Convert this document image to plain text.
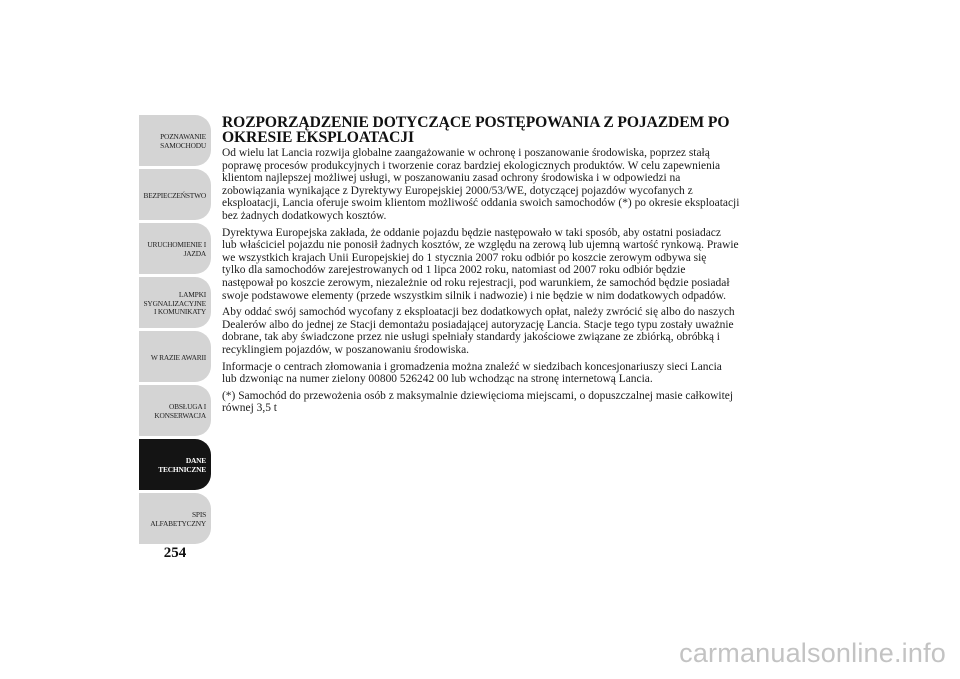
POZNAWANIE
SAMOCHODU
BEZPIECZEŃSTWO
URUCHOMIENIE I
JAZDA
LAMPKI
SYGNALIZACYJNE
I KOMUNIKATY
W RAZIE AWARII
OBSŁUGA I
KONSERWACJA
DANE
TECHNICZNE
SPIS
ALFABETYCZNY
254
ROZPORZĄDZENIE DOTYCZĄCE POSTĘPOWANIA Z POJAZDEM PO
OKRESIE EKSPLOATACJI

Od wielu lat Lancia rozwija globalne zaangażowanie w ochronę i poszanowanie środowiska, poprzez stałą
poprawę procesów produkcyjnych i tworzenie coraz bardziej ekologicznych produktów. W celu zapewnienia
klientom najlepszej możliwej usługi, w poszanowaniu zasad ochrony środowiska i w odpowiedzi na
zobowiązania wynikające z Dyrektywy Europejskiej 2000/53/WE, dotyczącej pojazdów wycofanych z
eksploatacji, Lancia oferuje swoim klientom możliwość oddania swoich samochodów (*) po okresie eksploatacji
bez żadnych dodatkowych kosztów.

Dyrektywa Europejska zakłada, że oddanie pojazdu będzie następowało w taki sposób, aby ostatni posiadacz
lub właściciel pojazdu nie ponosił żadnych kosztów, ze względu na zerową lub ujemną wartość rynkową. Prawie
we wszystkich krajach Unii Europejskiej do 1 stycznia 2007 roku odbiór po koszcie zerowym odbywa się
tylko dla samochodów zarejestrowanych od 1 lipca 2002 roku, natomiast od 2007 roku odbiór będzie
następował po koszcie zerowym, niezależnie od roku rejestracji, pod warunkiem, że samochód będzie posiadał
swoje podstawowe elementy (przede wszystkim silnik i nadwozie) i nie będzie w nim dodatkowych odpadów.

Aby oddać swój samochód wycofany z eksploatacji bez dodatkowych opłat, należy zwrócić się albo do naszych
Dealerów albo do jednej ze Stacji demontażu posiadającej autoryzację Lancia. Stacje tego typu zostały uważnie
dobrane, tak aby świadczone przez nie usługi spełniały standardy jakościowe związane ze zbiórką, obróbką i
recyklingiem pojazdów, w poszanowaniu środowiska.

Informacje o centrach złomowania i gromadzenia można znaleźć w siedzibach koncesjonariuszy sieci Lancia
lub dzwoniąc na numer zielony 00800 526242 00 lub wchodząc na stronę internetową Lancia.

(*) Samochód do przewożenia osób z maksymalnie dziewięcioma miejscami, o dopuszczalnej masie całkowitej
równej 3,5 t

carmanualsonline.info
